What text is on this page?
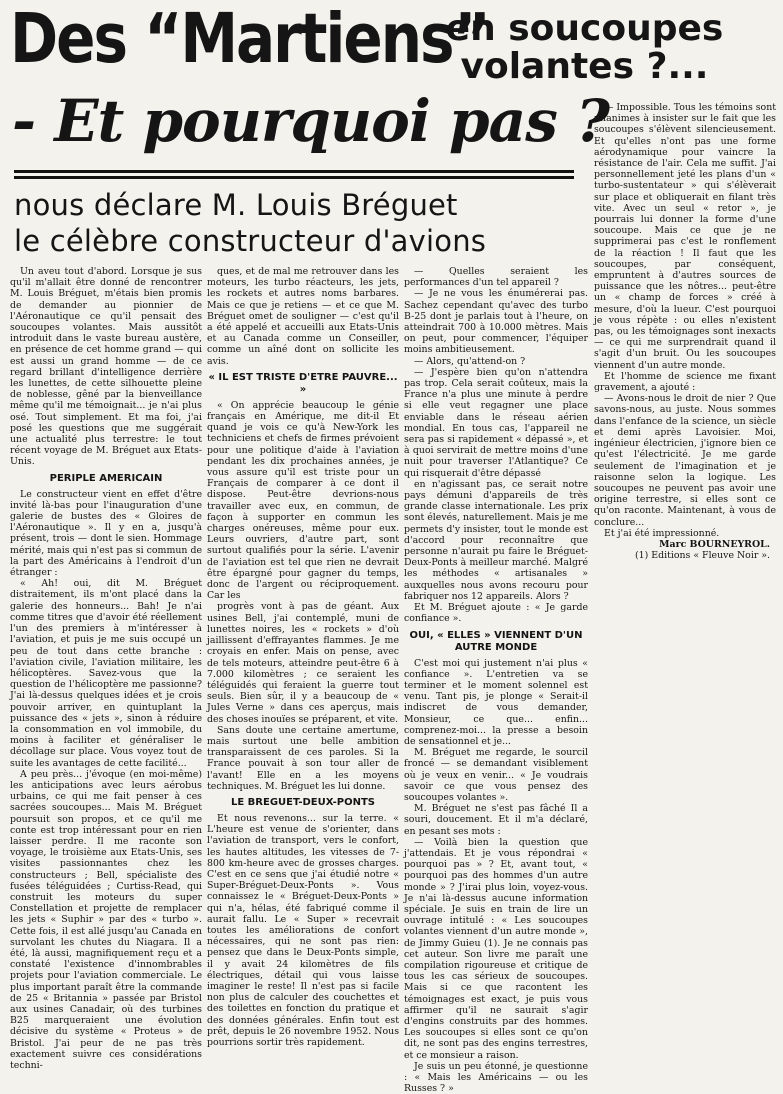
Des “Martiens”
en soucoupes
volantes ?...
- Et pourquoi pas ?
nous déclare M. Louis Bréguet
le célèbre constructeur d'avions

Un aveu tout d'abord. Lorsque je sus qu'il m'allait être donné de rencontrer M. Louis Bréguet, m'étais bien promis de demander au pionnier de l'Aéronautique ce qu'il pensait des soucoupes volantes. Mais aussitôt introduit dans le vaste bureau austère, en présence de cet homme grand — qui est aussi un grand homme — de ce regard brillant d'intelligence derrière les lunettes, de cette silhouette pleine de noblesse, gêné par la bienveillance même qu'il me témoignait... je n'ai plus osé. Tout simplement. Et ma foi, j'ai posé les questions que me suggérait une actualité plus terrestre: le tout récent voyage de M. Bréguet aux Etats-Unis.

PERIPLE AMERICAIN

Le constructeur vient en effet d'être invité là-bas pour l'inauguration d'une galerie de bustes des « Gloires de l'Aéronautique ». Il y en a, jusqu'à présent, trois — dont le sien. Hommage mérité, mais qui n'est pas si commun de la part des Américains à l'endroit d'un étranger :

« Ah! oui, dit M. Bréguet distraitement, ils m'ont placé dans la galerie des honneurs... Bah! Je n'ai comme titres que d'avoir été réellement l'un des premiers à m'intéresser à l'aviation, et puis je me suis occupé un peu de tout dans cette branche : l'aviation civile, l'aviation militaire, les hélicoptères. Savez-vous que la question de l'hélicoptère me passionne? J'ai là-dessus quelques idées et je crois pouvoir arriver, en quintuplant la puissance des « jets », sinon à réduire la consommation en vol immobile, du moins à faciliter et généraliser le décollage sur place. Vous voyez tout de suite les avantages de cette facilité...

A peu près... j'évoque (en moi-même) les anticipations avec leurs aérobus urbains, ce qui me fait penser à ces sacrées soucoupes... Mais M. Bréguet poursuit son propos, et ce qu'il me conte est trop intéressant pour en rien laisser perdre. Il me raconte son voyage, le troisième aux Etats-Unis, ses visites passionnantes chez les constructeurs ; Bell, spécialiste des fusées téléguidées ; Curtiss-Read, qui construit les moteurs du super Constellation et projette de remplacer les jets « Suphir » par des « turbo ». Cette fois, il est allé jusqu'au Canada en survolant les chutes du Niagara. Il a été, là aussi, magnifiquement reçu et a constaté l'existence d'innombrables projets pour l'aviation commerciale. Le plus important paraît être la commande de 25 « Britannia » passée par Bristol aux usines Canadair, où des turbines B25 marqueraient une évolution décisive du système « Proteus » de Bristol. J'ai peur de ne pas très exactement suivre ces considérations techni-

ques, et de mal me retrouver dans les moteurs, les turbo réacteurs, les jets, les rockets et autres noms barbares. Mais ce que je retiens — et ce que M. Bréguet omet de souligner — c'est qu'il a été appelé et accueilli aux Etats-Unis et au Canada comme un Conseiller, comme un aîné dont on sollicite les avis.

« IL EST TRISTE D'ETRE PAUVRE... »

« On apprécie beaucoup le génie français en Amérique, me dit-il Et quand je vois ce qu'à New-York les techniciens et chefs de firmes prévoient pour une politique d'aide à l'aviation pendant les dix prochaines années, je vous assure qu'il est triste pour un Français de comparer à ce dont il dispose. Peut-être devrions-nous travailler avec eux, en commun, de façon à supporter en commun les charges onéreuses, même pour eux. Leurs ouvriers, d'autre part, sont surtout qualifiés pour la série. L'avenir de l'aviation est tel que rien ne devrait être épargné pour gagner du temps, donc de l'argent ou réciproquement. Car les

progrès vont à pas de géant. Aux usines Bell, j'ai contemplé, muni de lunettes noires, les « rockets » d'où jaillissent d'effrayantes flammes. Je me croyais en enfer. Mais on pense, avec de tels moteurs, atteindre peut-être 6 à 7.000 kilomètres ; ce seraient les téléguidés qui feraient la guerre tout seuls. Bien sûr, il y a beaucoup de « Jules Verne » dans ces aperçus, mais des choses inouïes se préparent, et vite.

Sans doute une certaine amertume, mais surtout une belle ambition transparaissent de ces paroles. Si la France pouvait à son tour aller de l'avant! Elle en a les moyens techniques. M. Bréguet les lui donne.

LE BREGUET-DEUX-PONTS

Et nous revenons... sur la terre. « L'heure est venue de s'orienter, dans l'aviation de transport, vers le confort, les hautes altitudes, les vitesses de 7-800 km-heure avec de grosses charges. C'est en ce sens que j'ai étudié notre « Super-Bréguet-Deux-Ponts ». Vous connaissez le « Bréguet-Deux-Ponts » qui n'a, hélas, été fabriqué comme il aurait fallu. Le « Super » recevrait toutes les améliorations de confort nécessaires, qui ne sont pas rien: pensez que dans le Deux-Ponts simple, il y avait 24 kilomètres de fils électriques, détail qui vous laisse imaginer le reste! Il n'est pas si facile non plus de calculer des couchettes et des toilettes en fonction du pratique et des données générales. Enfin tout est prêt, depuis le 26 novembre 1952. Nous pourrions sortir très rapidement.

— Quelles seraient les performances d'un tel appareil ?

— Je ne vous les énumérerai pas. Sachez cependant qu'avec des turbo B-25 dont je parlais tout à l'heure, on atteindrait 700 à 10.000 mètres. Mais on peut, pour commencer, l'équiper moins ambitieusement.

— Alors, qu'attend-on ?

— J'espère bien qu'on n'attendra pas trop. Cela serait coûteux, mais la France n'a plus une minute à perdre si elle veut regagner une place enviable dans le réseau aérien mondial. En tous cas, l'appareil ne sera pas si rapidement « dépassé », et à quoi servirait de mettre moins d'une nuit pour traverser l'Atlantique? Ce qui risquerait d'être dépassé

en n'agissant pas, ce serait notre pays démuni d'appareils de très grande classe internationale. Les prix sont élevés, naturellement. Mais je me permets d'y insister, tout le monde est d'accord pour reconnaître que personne n'aurait pu faire le Bréguet-Deux-Ponts à meilleur marché. Malgré les méthodes « artisanales » auxquelles nous avons recouru pour fabriquer nos 12 appareils. Alors ?

Et M. Bréguet ajoute : « Je garde confiance ».

OUI, « ELLES » VIENNENT D'UN AUTRE MONDE

C'est moi qui justement n'ai plus « confiance ». L'entretien va se terminer et le moment solennel est venu. Tant pis, je plonge « Serait-il indiscret de vous demander, Monsieur, ce que... enfin... comprenez-moi... la presse a besoin de sensationnel et je...

M. Bréguet me regarde, le sourcil froncé — se demandant visiblement où je veux en venir... « Je voudrais savoir ce que vous pensez des soucoupes volantes ».

M. Bréguet ne s'est pas fâché Il a souri, doucement. Et il m'a déclaré, en pesant ses mots :

— Voilà bien la question que j'attendais. Et je vous répondrai « pourquoi pas » ? Et, avant tout, « pourquoi pas des hommes d'un autre monde » ? J'irai plus loin, voyez-vous. Je n'ai là-dessus aucune information spéciale. Je suis en train de lire un ouvrage intitulé : « Les soucoupes volantes viennent d'un autre monde », de Jimmy Guieu (1). Je ne connais pas cet auteur. Son livre me paraît une compilation rigoureuse et critique de tous les cas sérieux de soucoupes. Mais si ce que racontent les témoignages est exact, je puis vous affirmer qu'il ne saurait s'agir d'engins construits par des hommes. Les soucoupes si elles sont ce qu'on dit, ne sont pas des engins terrestres, et ce monsieur a raison.

Je suis un peu étonné, je questionne : « Mais les Américains — ou les Russes ? »

— Impossible. Tous les témoins sont unanimes à insister sur le fait que les soucoupes s'élèvent silencieusement. Et qu'elles n'ont pas une forme aérodynamique pour vaincre la résistance de l'air. Cela me suffit. J'ai personnellement jeté les plans d'un « turbo-sustentateur » qui s'élèverait sur place et obliquerait en filant très vite. Avec un seul « retor », je pourrais lui donner la forme d'une soucoupe. Mais ce que je ne supprimerai pas c'est le ronflement de la réaction ! Il faut que les soucoupes, par conséquent, empruntent à d'autres sources de puissance que les nôtres... peut-être un « champ de forces » créé à mesure, d'où la lueur. C'est pourquoi je vous répète : ou elles n'existent pas, ou les témoignages sont inexacts — ce qui me surprendrait quand il s'agit d'un bruit. Ou les soucoupes viennent d'un autre monde.

Et l'homme de science me fixant gravement, a ajouté :

— Avons-nous le droit de nier ? Que savons-nous, au juste. Nous sommes dans l'enfance de la science, un siècle et demi après Lavoisier. Moi, ingénieur électricien, j'ignore bien ce qu'est l'électricité. Je me garde seulement de l'imagination et je raisonne selon la logique. Les soucoupes ne peuvent pas avoir une origine terrestre, si elles sont ce qu'on raconte. Maintenant, à vous de conclure...

Et j'ai été impressionné.

Marc BOURNEYROL.
(1) Editions « Fleuve Noir ».
